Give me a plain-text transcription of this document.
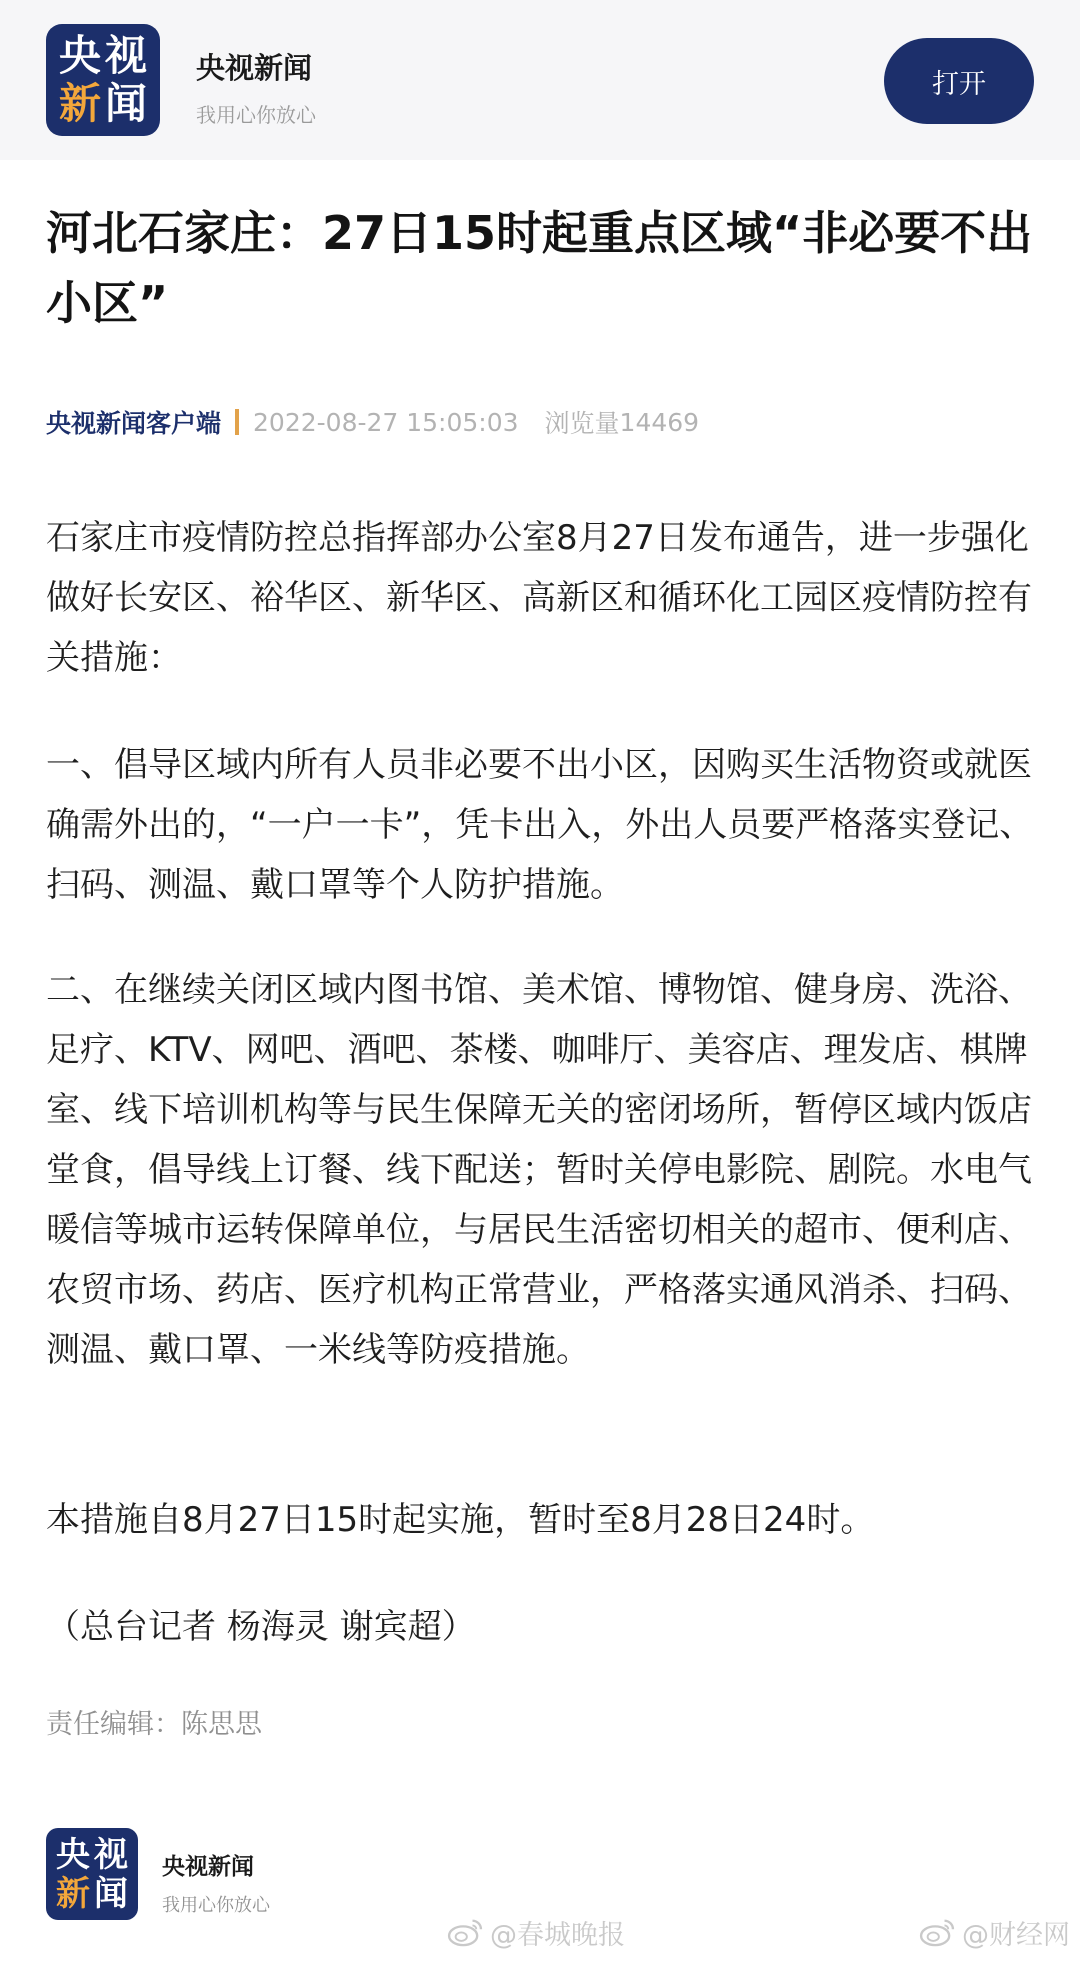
央 视
新 闻
央视新闻
我用心你放心
打开
河北石家庄：27日15时起重点区域“非必要不出小区”
央视新闻客户端 2022-08-27 15:05:03 浏览量 14469

石家庄市疫情防控总指挥部办公室8月27日发布通告，进一步强化做好长安区、裕华区、新华区、高新区和循环化工园区疫情防控有关措施：

一、倡导区域内所有人员非必要不出小区，因购买生活物资或就医确需外出的，“一户一卡”，凭卡出入，外出人员要严格落实登记、扫码、测温、戴口罩等个人防护措施。

二、在继续关闭区域内图书馆、美术馆、博物馆、健身房、洗浴、足疗、KTV、网吧、酒吧、茶楼、咖啡厅、美容店、理发店、棋牌室、线下培训机构等与民生保障无关的密闭场所，暂停区域内饭店堂食，倡导线上订餐、线下配送；暂时关停电影院、剧院。水电气暖信等城市运转保障单位，与居民生活密切相关的超市、便利店、农贸市场、药店、医疗机构正常营业，严格落实通风消杀、扫码、测温、戴口罩、一米线等防疫措施。

本措施自8月27日15时起实施，暂时至8月28日24时。

（总台记者 杨海灵 谢宾超）

责任编辑： 陈思思
央 视
新 闻
央视新闻
我用心你放心
@春城晚报	@财经网
